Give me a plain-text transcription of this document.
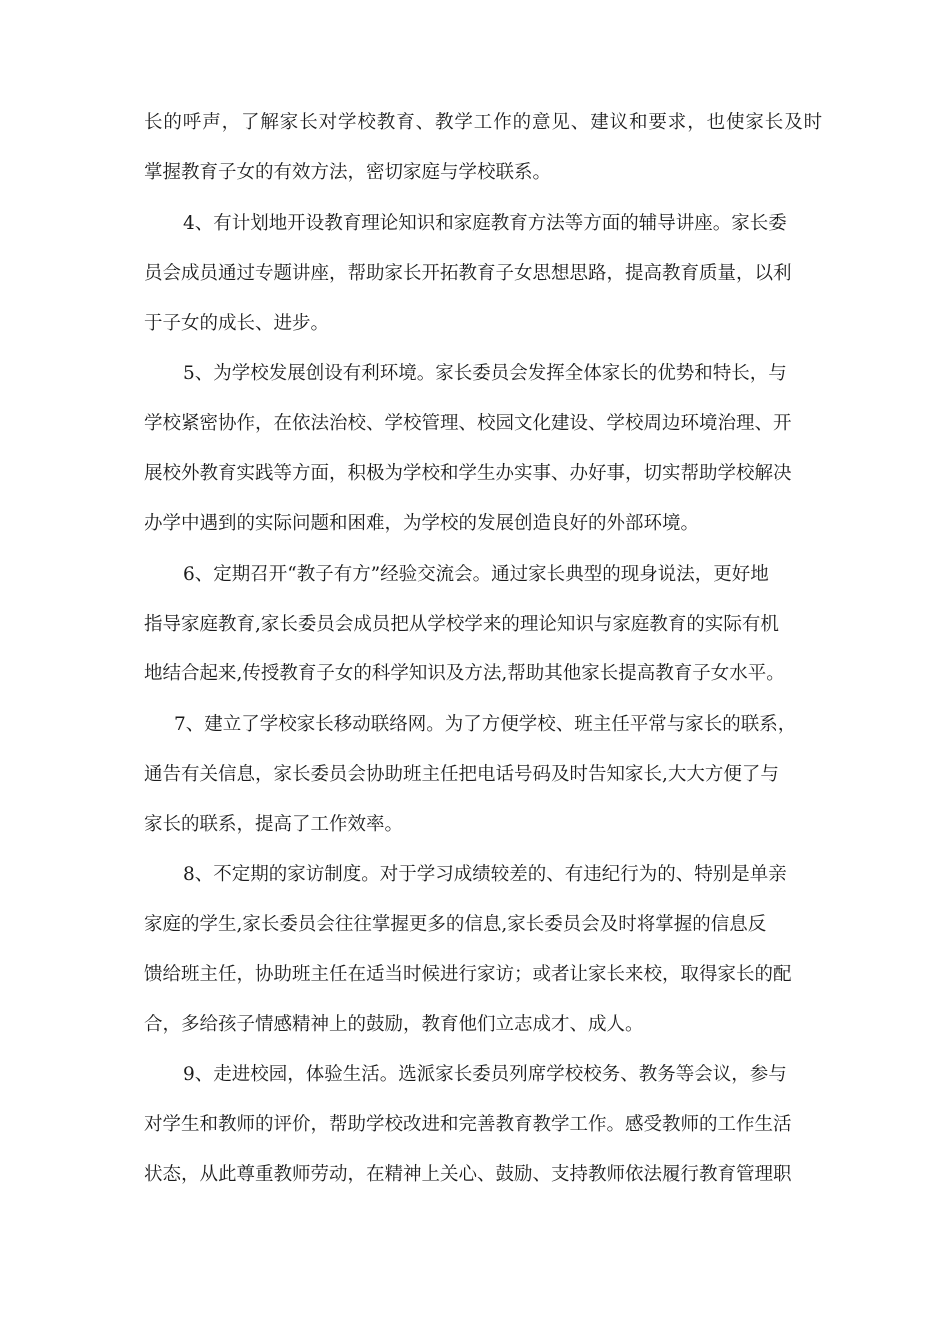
长的呼声，了解家长对学校教育、教学工作的意见、建议和要求，也使家长及时
掌握教育子女的有效方法，密切家庭与学校联系。
4、有计划地开设教育理论知识和家庭教育方法等方面的辅导讲座。家长委
员会成员通过专题讲座，帮助家长开拓教育子女思想思路，提高教育质量，以利
于子女的成长、进步。
5、为学校发展创设有利环境。家长委员会发挥全体家长的优势和特长，与
学校紧密协作，在依法治校、学校管理、校园文化建设、学校周边环境治理、开
展校外教育实践等方面，积极为学校和学生办实事、办好事，切实帮助学校解决
办学中遇到的实际问题和困难，为学校的发展创造良好的外部环境。
6、定期召开“教子有方”经验交流会。通过家长典型的现身说法，更好地
指导家庭教育,家长委员会成员把从学校学来的理论知识与家庭教育的实际有机
地结合起来,传授教育子女的科学知识及方法,帮助其他家长提高教育子女水平。
7、建立了学校家长移动联络网。为了方便学校、班主任平常与家长的联系，
通告有关信息，家长委员会协助班主任把电话号码及时告知家长,大大方便了与
家长的联系，提高了工作效率。
8、不定期的家访制度。对于学习成绩较差的、有违纪行为的、特别是单亲
家庭的学生,家长委员会往往掌握更多的信息,家长委员会及时将掌握的信息反
馈给班主任，协助班主任在适当时候进行家访；或者让家长来校，取得家长的配
合，多给孩子情感精神上的鼓励，教育他们立志成才、成人。
9、走进校园，体验生活。选派家长委员列席学校校务、教务等会议，参与
对学生和教师的评价，帮助学校改进和完善教育教学工作。感受教师的工作生活
状态，从此尊重教师劳动，在精神上关心、鼓励、支持教师依法履行教育管理职
